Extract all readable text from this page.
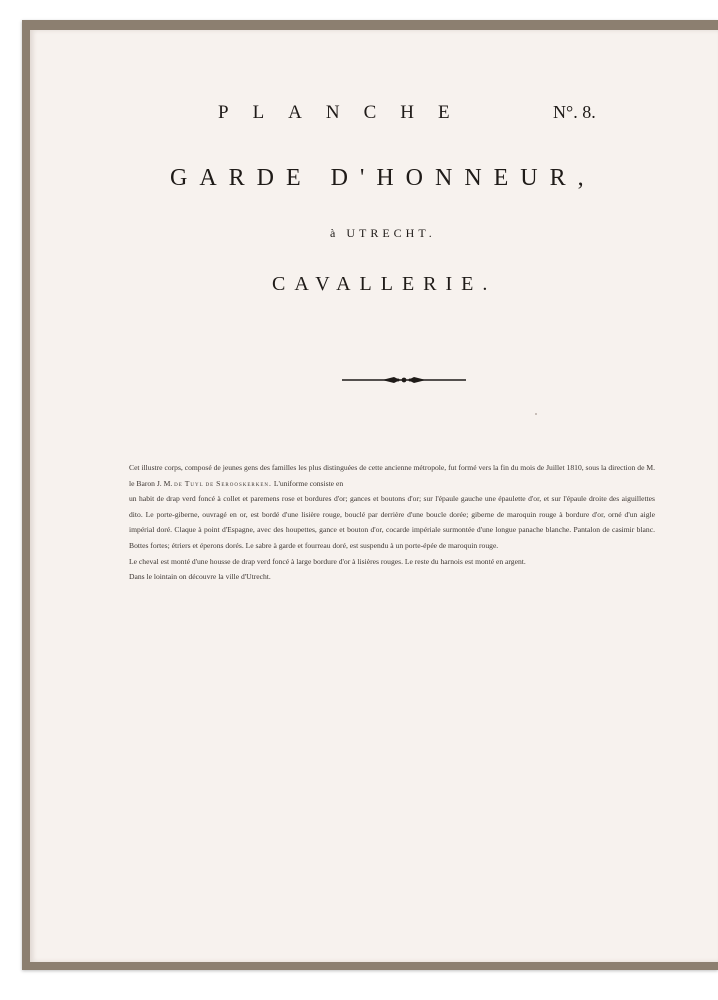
PLANCHE	N°. 8.
GARDE D'HONNEUR,
à UTRECHT.
CAVALLERIE.

Cet illustre corps, composé de jeunes gens des familles les plus distinguées de cette ancienne métropole, fut formé vers la fin du mois de Juillet 1810, sous la direction de M. le Baron J. M. de Tuyl de Serooskerken. L'uniforme consiste en

un habit de drap verd foncé à collet et paremens rose et bordures d'or; gances et boutons d'or; sur l'épaule gauche une épaulette d'or, et sur l'épaule droite des aiguillettes dito. Le porte-giberne, ouvragé en or, est bordé d'une lisière rouge, bouclé par derrière d'une boucle dorée; giberne de maroquin rouge à bordure d'or, orné d'un aigle impérial doré. Claque à point d'Espagne, avec des houpettes, gance et bouton d'or, cocarde impériale surmontée d'une longue panache blanche. Pantalon de casimir blanc. Bottes fortes; étriers et éperons dorés. Le sabre à garde et fourreau doré, est suspendu à un porte-épée de maroquin rouge.

Le cheval est monté d'une housse de drap verd foncé à large bordure d'or à lisières rouges. Le reste du harnois est monté en argent.

Dans le lointain on découvre la ville d'Utrecht.
